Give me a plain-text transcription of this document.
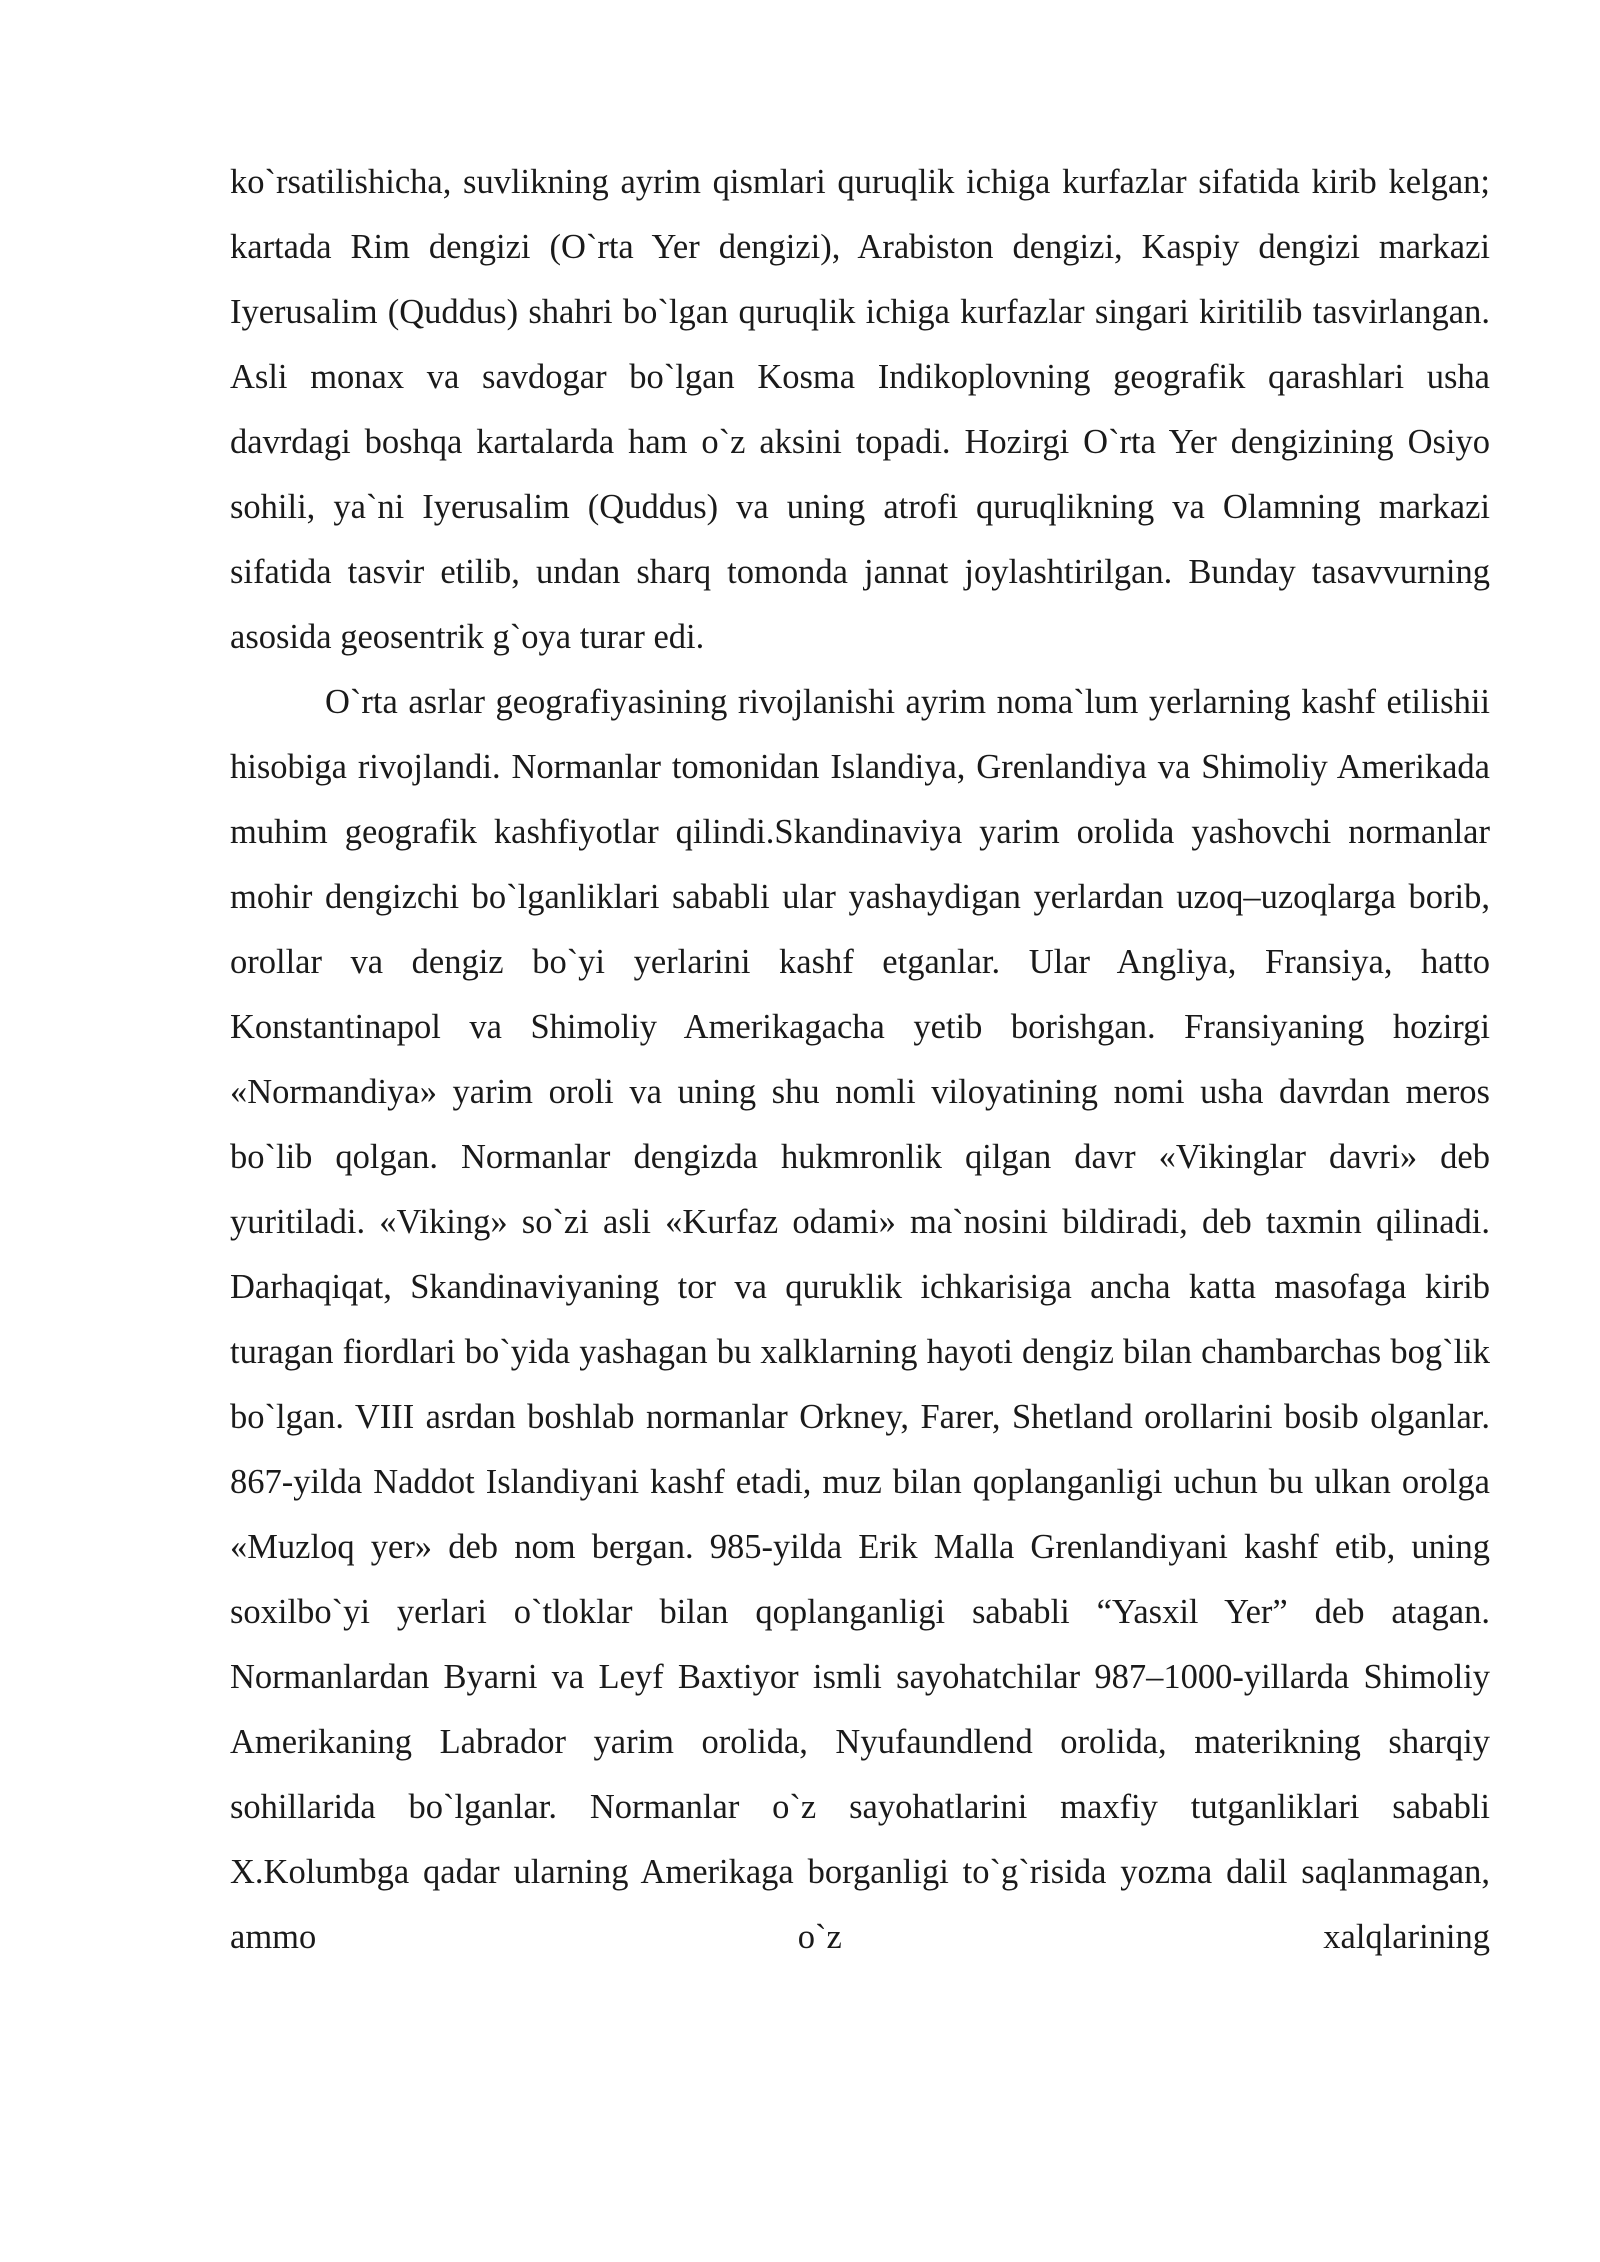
ko`rsatilishicha, suvlikning ayrim qismlari quruqlik ichiga kurfazlar sifatida kirib kelgan; kartada Rim dengizi (O`rta Yer dengizi), Arabiston dengizi, Kaspiy dengizi markazi Iyerusalim (Quddus) shahri bo`lgan quruqlik ichiga kurfazlar singari kiritilib tasvirlangan. Asli monax va savdogar bo`lgan Kosma Indikoplovning geografik qarashlari usha davrdagi boshqa kartalarda ham o`z aksini topadi. Hozirgi O`rta Yer dengizining Osiyo sohili, ya`ni Iyerusalim (Quddus) va uning atrofi quruqlikning va Olamning markazi sifatida tasvir etilib, undan sharq tomonda jannat joylashtirilgan. Bunday tasavvurning asosida geosentrik g`oya turar edi.

O`rta asrlar geografiyasining rivojlanishi ayrim noma`lum yerlarning kashf etilishii hisobiga rivojlandi. Normanlar tomonidan Islandiya, Grenlandiya va Shimoliy Amerikada muhim geografik kashfiyotlar qilindi.Skandinaviya yarim orolida yashovchi normanlar mohir dengizchi bo`lganliklari sababli ular yashaydigan yerlardan uzoq–uzoqlarga borib, orollar va dengiz bo`yi yerlarini kashf etganlar. Ular Angliya, Fransiya, hatto Konstantinapol va Shimoliy Amerikagacha yetib borishgan. Fransiyaning hozirgi «Normandiya» yarim oroli va uning shu nomli viloyatining nomi usha davrdan meros bo`lib qolgan. Normanlar dengizda hukmronlik qilgan davr «Vikinglar davri» deb yuritiladi. «Viking» so`zi asli «Kurfaz odami» ma`nosini bildiradi, deb taxmin qilinadi. Darhaqiqat, Skandinaviyaning tor va quruklik ichkarisiga ancha katta masofaga kirib turagan fiordlari bo`yida yashagan bu xalklarning hayoti dengiz bilan chambarchas bog`lik bo`lgan. VIII asrdan boshlab normanlar Orkney, Farer, Shetland orollarini bosib olganlar. 867-yilda Naddot Islandiyani kashf etadi, muz bilan qoplanganligi uchun bu ulkan orolga «Muzloq yer» deb nom bergan. 985-yilda Erik Malla Grenlandiyani kashf etib, uning soxilbo`yi yerlari o`tloklar bilan qoplanganligi sababli “Yasxil Yer” deb atagan. Normanlardan Byarni va Leyf Baxtiyor ismli sayohatchilar 987–1000-yillarda Shimoliy Amerikaning Labrador yarim orolida, Nyufaundlend orolida, materikning sharqiy sohillarida bo`lganlar. Normanlar o`z sayohatlarini maxfiy tutganliklari sababli X.Kolumbga qadar ularning Amerikaga borganligi to`g`risida yozma dalil saqlanmagan, ammo o`z xalqlarining
